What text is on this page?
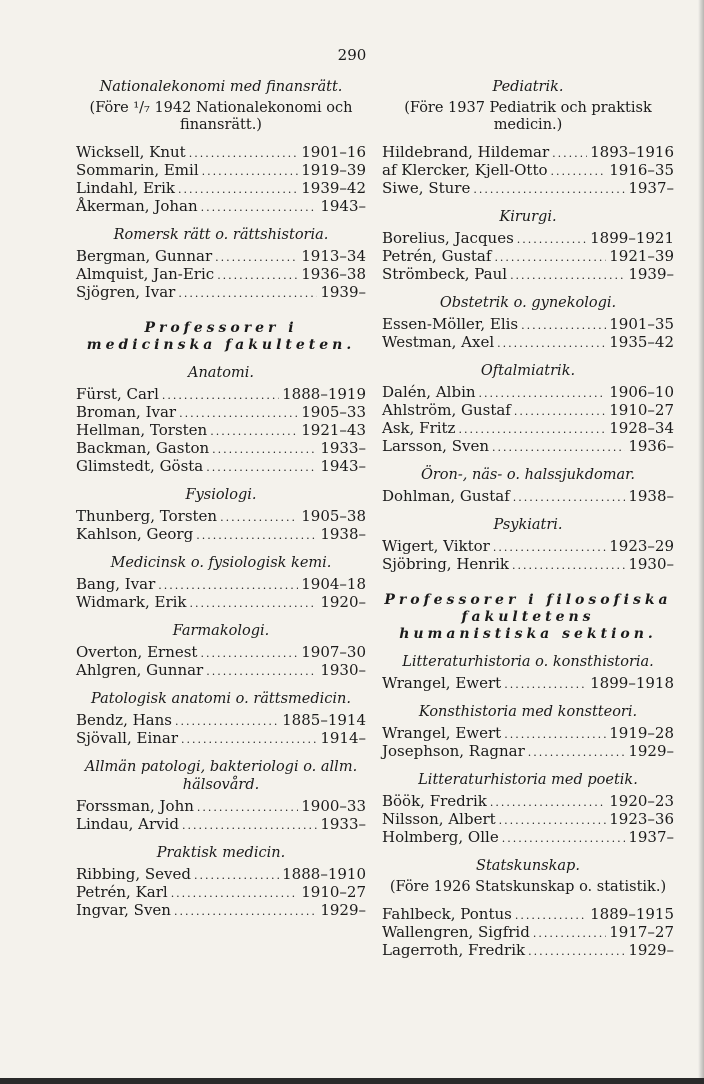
290
Nationalekonomi med finansrätt.
(Före ¹/₇ 1942 Nationalekonomi och finansrätt.)
Wicksell, Knut .....	1901–16
Sommarin, Emil .....	1919–39
Lindahl, Erik .....	1939–42
Åkerman, Johan .....	1943–
Romersk rätt o. rättshistoria.
Bergman, Gunnar .....	1913–34
Almquist, Jan-Eric .....	1936–38
Sjögren, Ivar .....	1939–
Professorer i medicinska fakulteten.
Anatomi.
Fürst, Carl .....	1888–1919
Broman, Ivar .....	1905–33
Hellman, Torsten .....	1921–43
Backman, Gaston .....	1933–
Glimstedt, Gösta .....	1943–
Fysiologi.
Thunberg, Torsten .....	1905–38
Kahlson, Georg .....	1938–
Medicinsk o. fysiologisk kemi.
Bang, Ivar .....	1904–18
Widmark, Erik .....	1920–
Farmakologi.
Overton, Ernest .....	1907–30
Ahlgren, Gunnar .....	1930–
Patologisk anatomi o. rättsmedicin.
Bendz, Hans .....	1885–1914
Sjövall, Einar .....	1914–
Allmän patologi, bakteriologi o. allm. hälsovård.
Forssman, John .....	1900–33
Lindau, Arvid .....	1933–
Praktisk medicin.
Ribbing, Seved .....	1888–1910
Petrén, Karl .....	1910–27
Ingvar, Sven .....	1929–
Pediatrik.
(Före 1937 Pediatrik och praktisk medicin.)
Hildebrand, Hildemar .....	1893–1916
af Klercker, Kjell-Otto .....	1916–35
Siwe, Sture .....	1937–
Kirurgi.
Borelius, Jacques .....	1899–1921
Petrén, Gustaf .....	1921–39
Strömbeck, Paul .....	1939–
Obstetrik o. gynekologi.
Essen-Möller, Elis .....	1901–35
Westman, Axel .....	1935–42
Oftalmiatrik.
Dalén, Albin .....	1906–10
Ahlström, Gustaf .....	1910–27
Ask, Fritz .....	1928–34
Larsson, Sven .....	1936–
Öron-, näs- o. halssjukdomar.
Dohlman, Gustaf .....	1938–
Psykiatri.
Wigert, Viktor .....	1923–29
Sjöbring, Henrik .....	1930–
Professorer i filosofiska fakultetens humanistiska sektion.
Litteraturhistoria o. konsthistoria.
Wrangel, Ewert .....	1899–1918
Konsthistoria med konstteori.
Wrangel, Ewert .....	1919–28
Josephson, Ragnar .....	1929–
Litteraturhistoria med poetik.
Böök, Fredrik .....	1920–23
Nilsson, Albert .....	1923–36
Holmberg, Olle .....	1937–
Statskunskap.
(Före 1926 Statskunskap o. statistik.)
Fahlbeck, Pontus .....	1889–1915
Wallengren, Sigfrid .....	1917–27
Lagerroth, Fredrik .....	1929–
